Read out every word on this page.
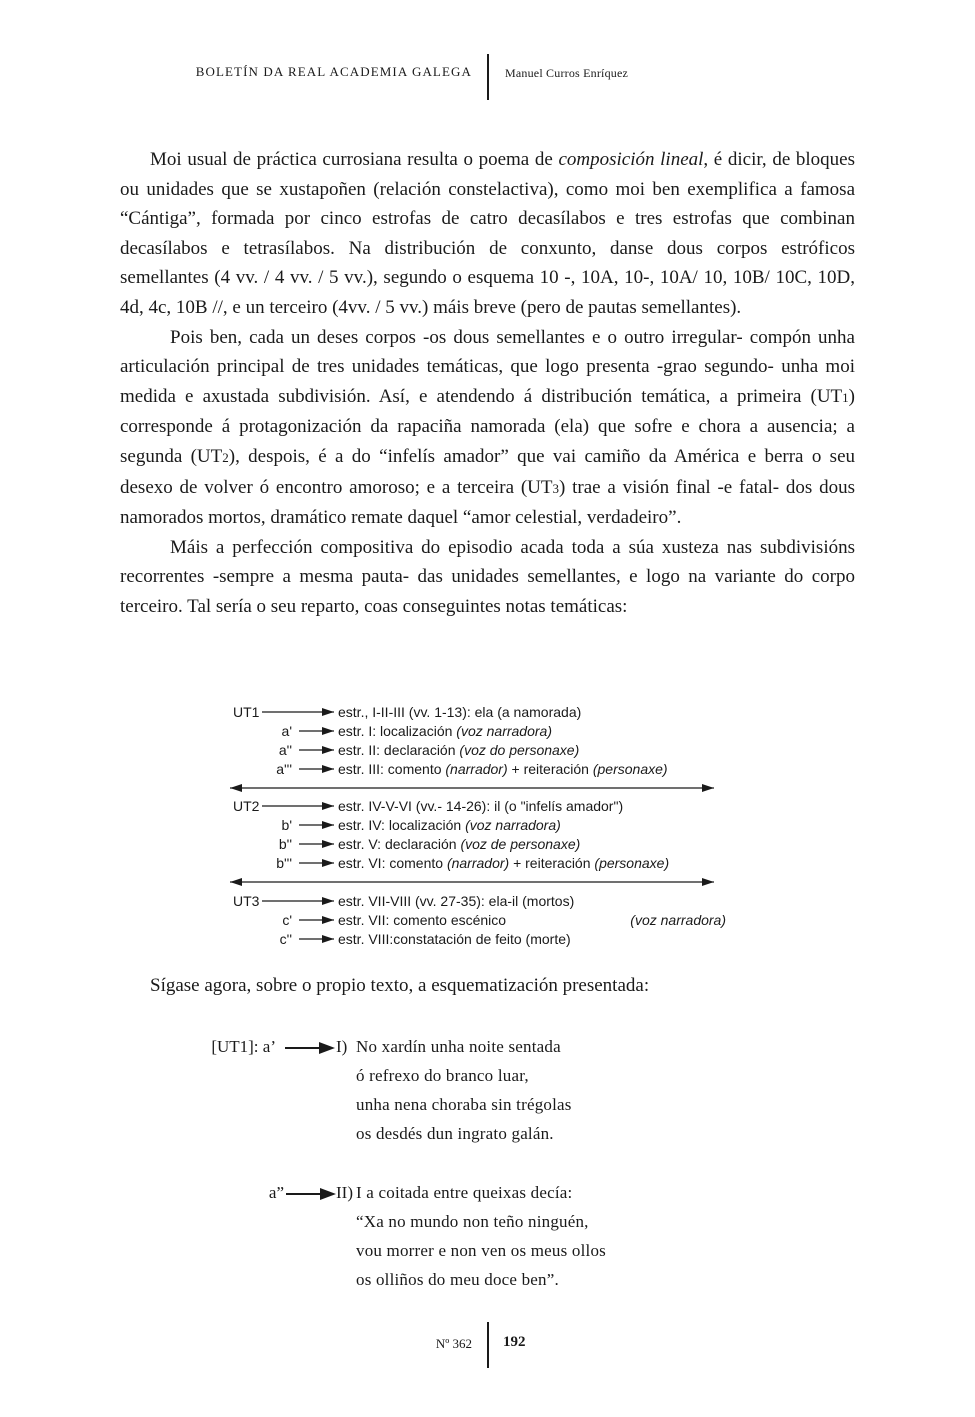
BOLETÍN DA REAL ACADEMIA GALEGA	Manuel Curros Enríquez

Moi usual de práctica currosiana resulta o poema de composición lineal, é dicir, de bloques ou unidades que se xustapoñen (relación constelactiva), como moi ben exemplifica a famosa “Cántiga”, formada por cinco estrofas de catro decasílabos e tres estrofas que combinan decasílabos e tetrasílabos. Na distribución de conxunto, danse dous corpos estróficos semellantes (4 vv. / 4 vv. / 5 vv.), segundo o esquema 10 -, 10A, 10-, 10A/ 10, 10B/ 10C, 10D, 4d, 4c, 10B //, e un terceiro (4vv. / 5 vv.) máis breve (pero de pautas semellantes).

Pois ben, cada un deses corpos -os dous semellantes e o outro irregular- compón unha articulación principal de tres unidades temáticas, que logo presenta -grao segundo- unha moi medida e axustada subdivisión. Así, e atendendo á distribución temática, a primeira (UT1) corresponde á protagonización da rapaciña namorada (ela) que sofre e chora a ausencia; a segunda (UT2), despois, é a do “infelís amador” que vai camiño da América e berra o seu desexo de volver ó encontro amoroso; e a terceira (UT3) trae a visión final -e fatal- dos dous namorados mortos, dramático remate daquel “amor celestial, verdadeiro”.

Máis a perfección compositiva do episodio acada toda a súa xusteza nas subdivisións recorrentes -sempre a mesma pauta- das unidades semellantes, e logo na variante do corpo terceiro. Tal sería o seu reparto, coas conseguintes notas temáticas:

UT1	estr., I-II-III (vv. 1-13): ela (a namorada)
a'	estr. I: localización (voz narradora)
a''	estr. II: declaración (voz do personaxe)
a'''	estr. III: comento (narrador) + reiteración (personaxe)
UT2	estr. IV-V-VI (vv.- 14-26): il (o "infelís amador")
b'	estr. IV: localización (voz narradora)
b''	estr. V: declaración (voz de personaxe)
b'''	estr. VI: comento (narrador) + reiteración (personaxe)
UT3	estr. VII-VIII (vv. 27-35): ela-il (mortos)
c'	estr. VII: comento escénico	(voz narradora)
c''	estr. VIII:constatación de feito (morte)
Sígase agora, sobre o propio texto, a esquematización presentada:
[UT1]: a’	I) No xardín unha noite sentada
ó refrexo do branco luar,
unha nena choraba sin trégolas
os desdés dun ingrato galán.
a”	II) I a coitada entre queixas decía:
“Xa no mundo non teño ninguén,
vou morrer e non ven os meus ollos
os olliños do meu doce ben”.
Nº 362 192
